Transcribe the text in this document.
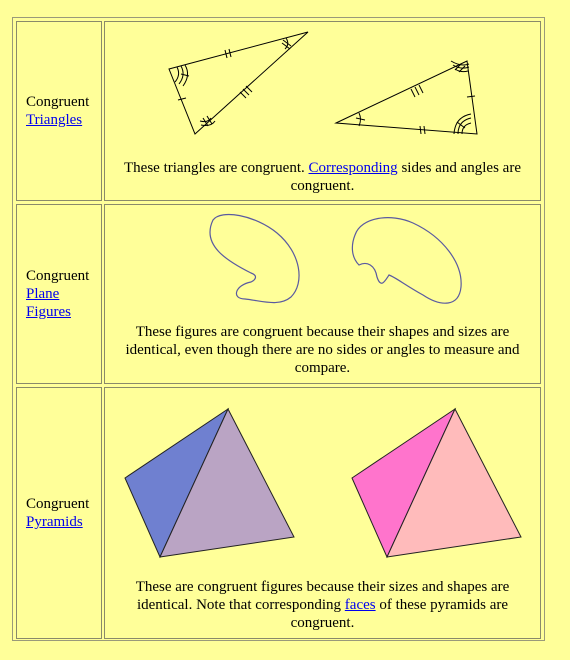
Congruent
Triangles
These triangles are congruent. Corresponding sides and angles are congruent.
Congruent
Plane
Figures
These figures are congruent because their shapes and sizes are identical, even though there are no sides or angles to measure and compare.
Congruent
Pyramids
These are congruent figures because their sizes and shapes are identical. Note that corresponding faces of these pyramids are congruent.
